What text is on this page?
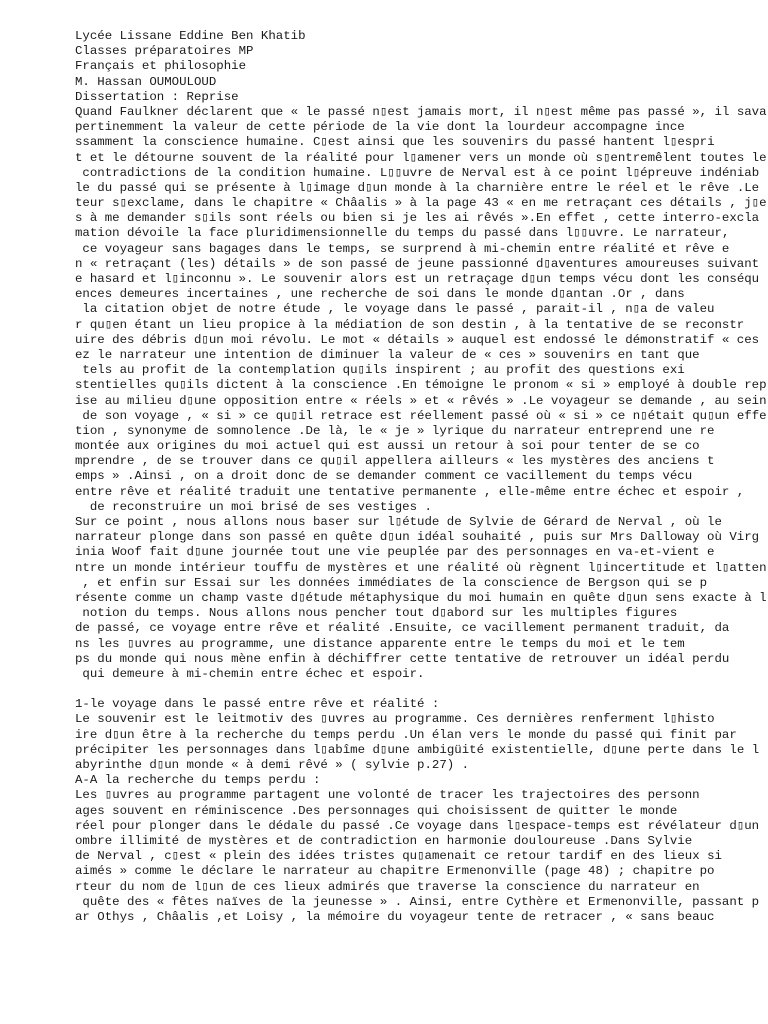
Lycée Lissane Eddine Ben Khatib
Classes préparatoires MP
Français et philosophie
M. Hassan OUMOULOUD
Dissertation : Reprise
Quand Faulkner déclarent que « le passé n▯est jamais mort, il n▯est même pas passé », il sava
pertinemment la valeur de cette période de la vie dont la lourdeur accompagne ince
ssamment la conscience humaine. C▯est ainsi que les souvenirs du passé hantent l▯espri
t et le détourne souvent de la réalité pour l▯amener vers un monde où s▯entremêlent toutes le
contradictions de la condition humaine. L▯▯uvre de Nerval est à ce point l▯épreuve indéniab
le du passé qui se présente à l▯image d▯un monde à la charnière entre le réel et le rêve .Le
teur s▯exclame, dans le chapitre « Châalis » à la page 43 « en me retraçant ces détails , j▯e
s à me demander s▯ils sont réels ou bien si je les ai rêvés ».En effet , cette interro-excla
mation dévoile la face pluridimensionnelle du temps du passé dans l▯▯uvre. Le narrateur,
ce voyageur sans bagages dans le temps, se surprend à mi-chemin entre réalité et rêve e
n « retraçant (les) détails » de son passé de jeune passionné d▯aventures amoureuses suivant
e hasard et l▯inconnu ». Le souvenir alors est un retraçage d▯un temps vécu dont les conséqu
ences demeures incertaines , une recherche de soi dans le monde d▯antan .Or , dans
la citation objet de notre étude , le voyage dans le passé , parait-il , n▯a de valeu
r qu▯en étant un lieu propice à la médiation de son destin , à la tentative de se reconstr
uire des débris d▯un moi révolu. Le mot « détails » auquel est endossé le démonstratif « ces
ez le narrateur une intention de diminuer la valeur de « ces » souvenirs en tant que
tels au profit de la contemplation qu▯ils inspirent ; au profit des questions exi
stentielles qu▯ils dictent à la conscience .En témoigne le pronom « si » employé à double rep
ise au milieu d▯une opposition entre « réels » et « rêvés » .Le voyageur se demande , au sein
de son voyage , « si » ce qu▯il retrace est réellement passé où « si » ce n▯était qu▯un effe
tion , synonyme de somnolence .De là, le « je » lyrique du narrateur entreprend une re
montée aux origines du moi actuel qui est aussi un retour à soi pour tenter de se co
mprendre , de se trouver dans ce qu▯il appellera ailleurs « les mystères des anciens t
emps » .Ainsi , on a droit donc de se demander comment ce vacillement du temps vécu
entre rêve et réalité traduit une tentative permanente , elle-même entre échec et espoir ,
de reconstruire un moi brisé de ses vestiges .
Sur ce point , nous allons nous baser sur l▯étude de Sylvie de Gérard de Nerval , où le
narrateur plonge dans son passé en quête d▯un idéal souhaité , puis sur Mrs Dalloway où Virg
inia Woof fait d▯une journée tout une vie peuplée par des personnages en va-et-vient e
ntre un monde intérieur touffu de mystères et une réalité où règnent l▯incertitude et l▯atten
, et enfin sur Essai sur les données immédiates de la conscience de Bergson qui se p
résente comme un champ vaste d▯étude métaphysique du moi humain en quête d▯un sens exacte à l
notion du temps. Nous allons nous pencher tout d▯abord sur les multiples figures
de passé, ce voyage entre rêve et réalité .Ensuite, ce vacillement permanent traduit, da
ns les ▯uvres au programme, une distance apparente entre le temps du moi et le tem
ps du monde qui nous mène enfin à déchiffrer cette tentative de retrouver un idéal perdu
qui demeure à mi-chemin entre échec et espoir.
1-le voyage dans le passé entre rêve et réalité :
Le souvenir est le leitmotiv des ▯uvres au programme. Ces dernières renferment l▯histo
ire d▯un être à la recherche du temps perdu .Un élan vers le monde du passé qui finit par
précipiter les personnages dans l▯abîme d▯une ambigüité existentielle, d▯une perte dans le l
abyrinthe d▯un monde « à demi rêvé » ( sylvie p.27) .
A-A la recherche du temps perdu :
Les ▯uvres au programme partagent une volonté de tracer les trajectoires des personn
ages souvent en réminiscence .Des personnages qui choisissent de quitter le monde
réel pour plonger dans le dédale du passé .Ce voyage dans l▯espace-temps est révélateur d▯un
ombre illimité de mystères et de contradiction en harmonie douloureuse .Dans Sylvie
de Nerval , c▯est « plein des idées tristes qu▯amenait ce retour tardif en des lieux si
aimés » comme le déclare le narrateur au chapitre Ermenonville (page 48) ; chapitre po
rteur du nom de l▯un de ces lieux admirés que traverse la conscience du narrateur en
quête des « fêtes naïves de la jeunesse » . Ainsi, entre Cythère et Ermenonville, passant p
ar Othys , Châalis ,et Loisy , la mémoire du voyageur tente de retracer , « sans beauc
